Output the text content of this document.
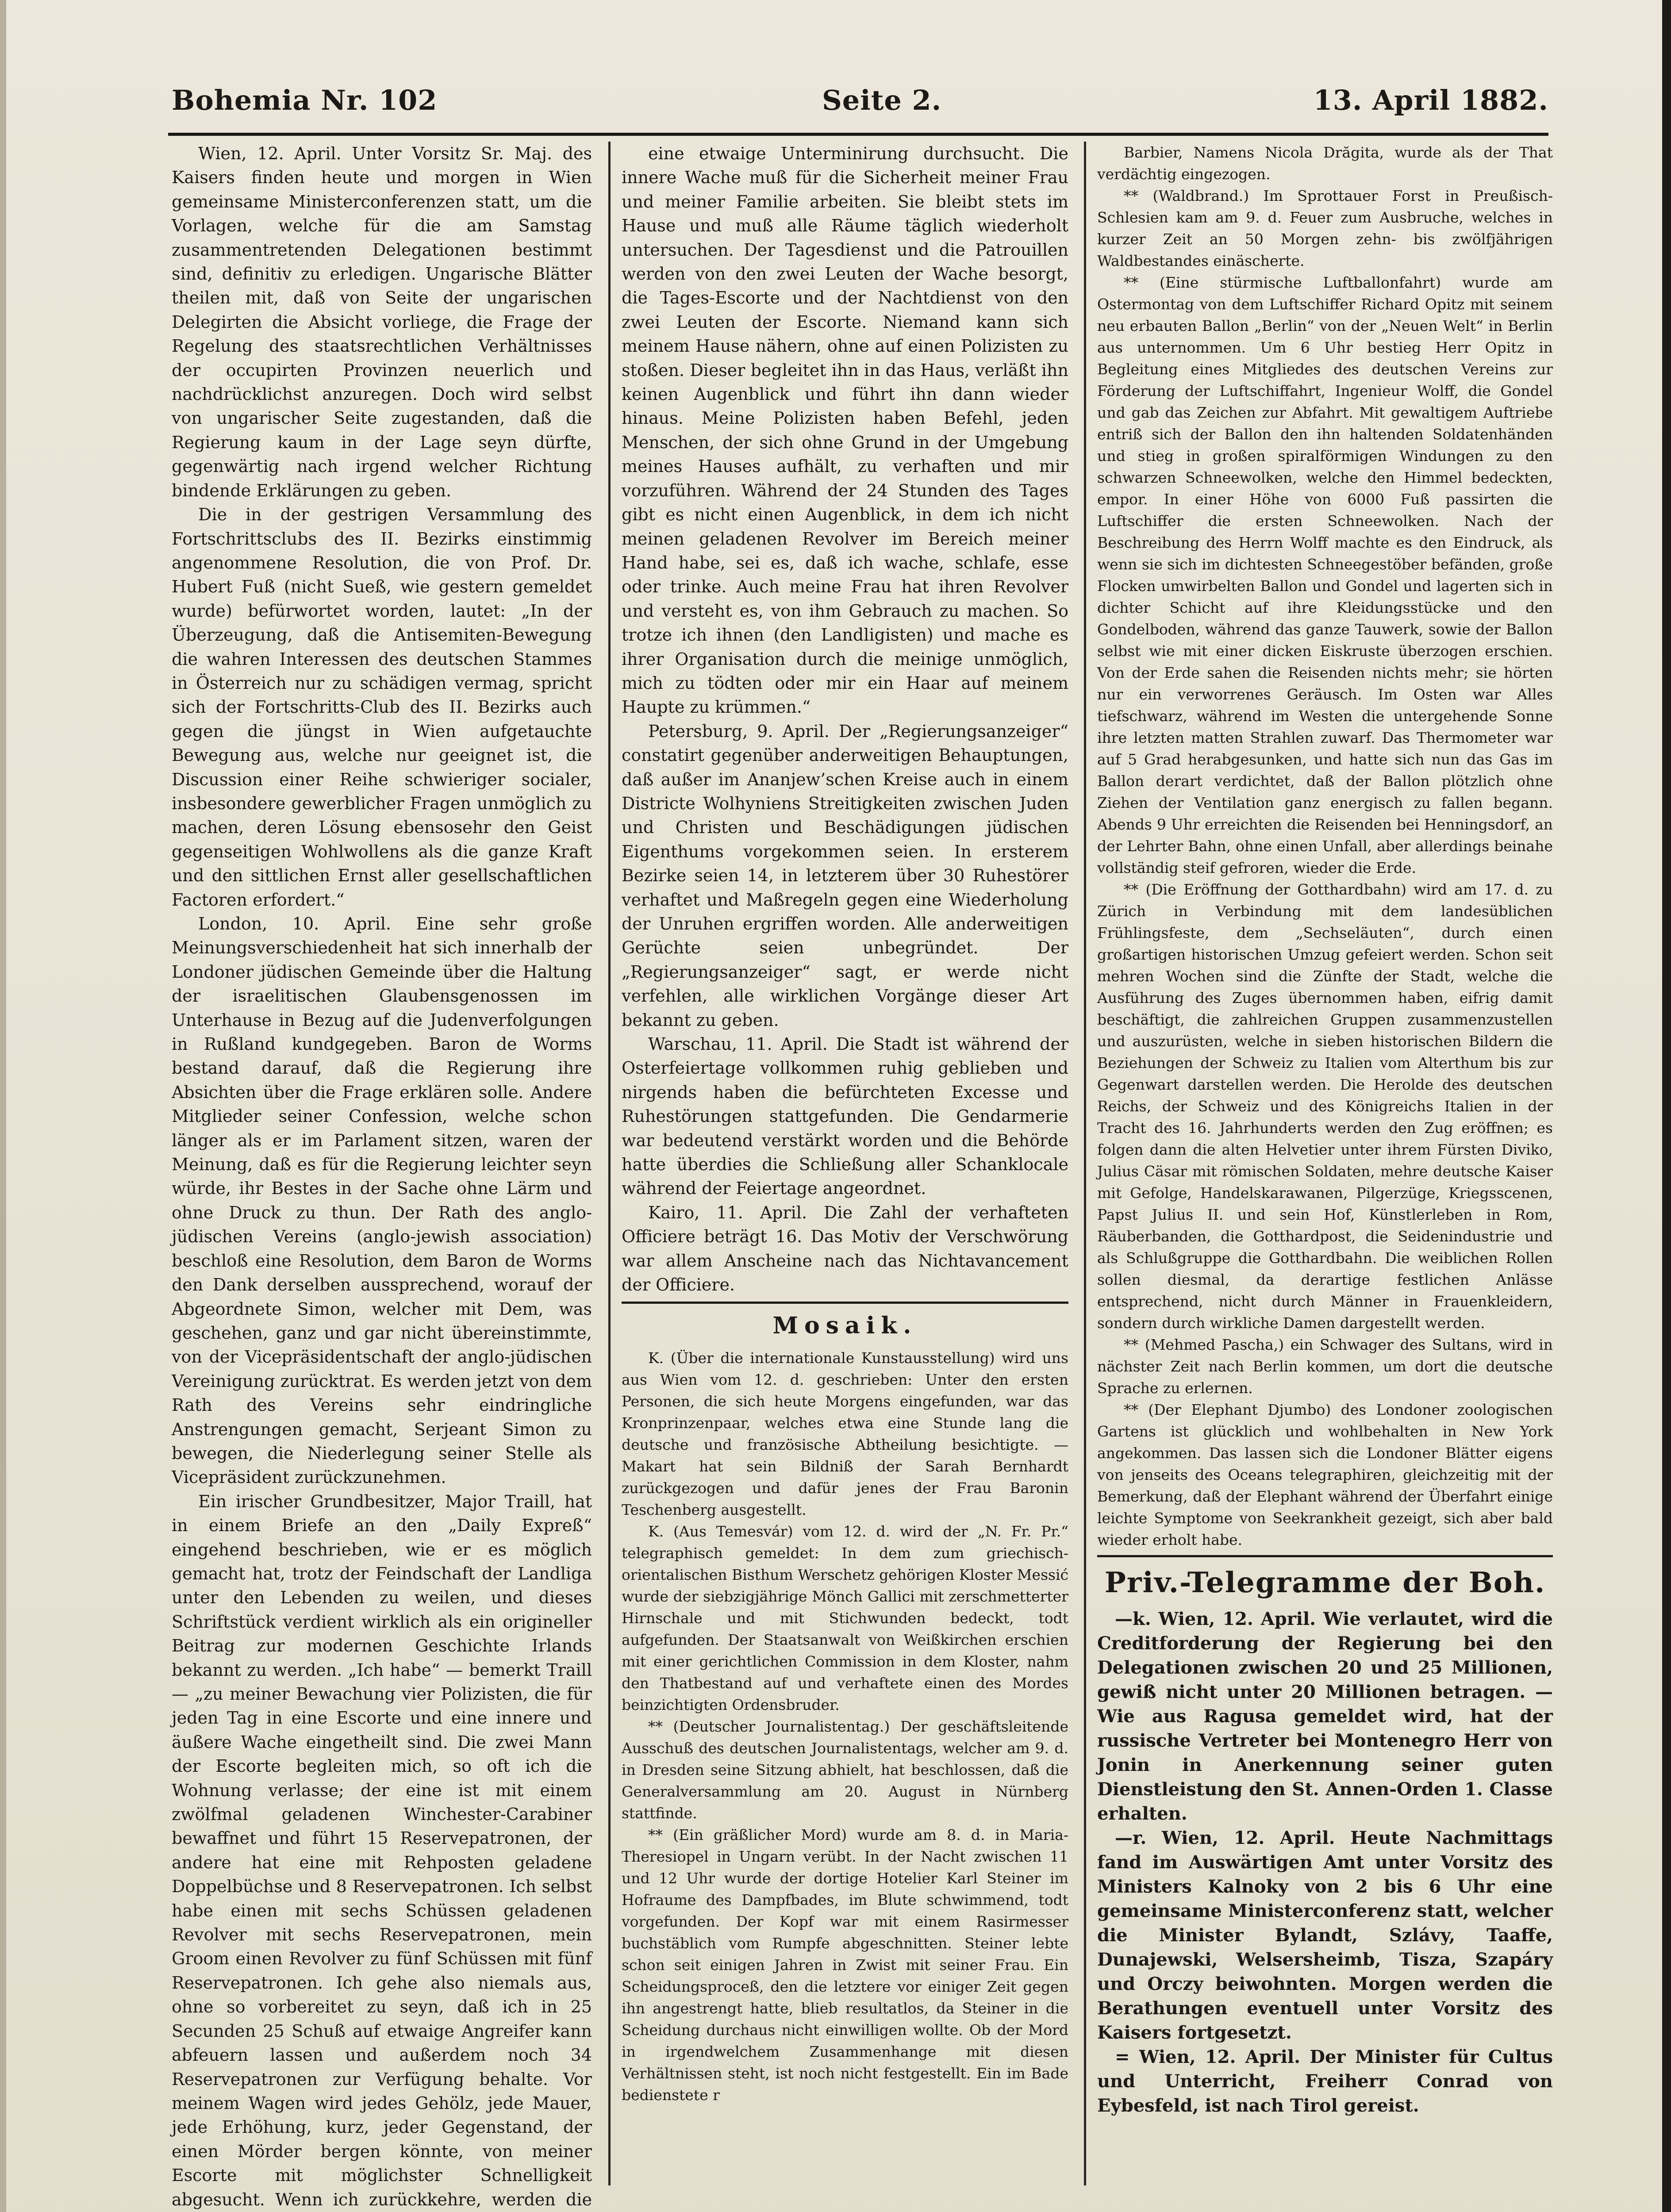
Bohemia Nr. 102	Seite 2.	13. April 1882.

Wien, 12. April. Unter Vorsitz Sr. Maj. des Kaisers finden heute und morgen in Wien gemeinsame Ministerconferenzen statt, um die Vorlagen, welche für die am Samstag zusammentretenden Delegationen bestimmt sind, definitiv zu erledigen. Ungarische Blätter theilen mit, daß von Seite der ungarischen Delegirten die Absicht vorliege, die Frage der Regelung des staatsrechtlichen Verhältnisses der occupirten Provinzen neuerlich und nachdrücklichst anzuregen. Doch wird selbst von ungarischer Seite zugestanden, daß die Regierung kaum in der Lage seyn dürfte, gegenwärtig nach irgend welcher Richtung bindende Erklärungen zu geben.

Die in der gestrigen Versammlung des Fortschrittsclubs des II. Bezirks einstimmig angenommene Resolution, die von Prof. Dr. Hubert Fuß (nicht Sueß, wie gestern gemeldet wurde) befürwortet worden, lautet: „In der Überzeugung, daß die Antisemiten-Bewegung die wahren Interessen des deutschen Stammes in Österreich nur zu schädigen vermag, spricht sich der Fortschritts-Club des II. Bezirks auch gegen die jüngst in Wien aufgetauchte Bewegung aus, welche nur geeignet ist, die Discussion einer Reihe schwieriger socialer, insbesondere gewerblicher Fragen unmöglich zu machen, deren Lösung ebensosehr den Geist gegenseitigen Wohlwollens als die ganze Kraft und den sittlichen Ernst aller gesellschaftlichen Factoren erfordert.“

London, 10. April. Eine sehr große Meinungsverschiedenheit hat sich innerhalb der Londoner jüdischen Gemeinde über die Haltung der israelitischen Glaubensgenossen im Unterhause in Bezug auf die Judenverfolgungen in Rußland kundgegeben. Baron de Worms bestand darauf, daß die Regierung ihre Absichten über die Frage erklären solle. Andere Mitglieder seiner Confession, welche schon länger als er im Parlament sitzen, waren der Meinung, daß es für die Regierung leichter seyn würde, ihr Bestes in der Sache ohne Lärm und ohne Druck zu thun. Der Rath des anglo-jüdischen Vereins (anglo-jewish association) beschloß eine Resolution, dem Baron de Worms den Dank derselben aussprechend, worauf der Abgeordnete Simon, welcher mit Dem, was geschehen, ganz und gar nicht übereinstimmte, von der Vicepräsidentschaft der anglo-jüdischen Vereinigung zurücktrat. Es werden jetzt von dem Rath des Vereins sehr eindringliche Anstrengungen gemacht, Serjeant Simon zu bewegen, die Niederlegung seiner Stelle als Vicepräsident zurückzunehmen.

Ein irischer Grundbesitzer, Major Traill, hat in einem Briefe an den „Daily Expreß“ eingehend beschrieben, wie er es möglich gemacht hat, trotz der Feindschaft der Landliga unter den Lebenden zu weilen, und dieses Schriftstück verdient wirklich als ein origineller Beitrag zur modernen Geschichte Irlands bekannt zu werden. „Ich habe“ — bemerkt Traill — „zu meiner Bewachung vier Polizisten, die für jeden Tag in eine Escorte und eine innere und äußere Wache eingetheilt sind. Die zwei Mann der Escorte begleiten mich, so oft ich die Wohnung verlasse; der eine ist mit einem zwölfmal geladenen Winchester-Carabiner bewaffnet und führt 15 Reservepatronen, der andere hat eine mit Rehposten geladene Doppelbüchse und 8 Reservepatronen. Ich selbst habe einen mit sechs Schüssen geladenen Revolver mit sechs Reservepatronen, mein Groom einen Revolver zu fünf Schüssen mit fünf Reservepatronen. Ich gehe also niemals aus, ohne so vorbereitet zu seyn, daß ich in 25 Secunden 25 Schuß auf etwaige Angreifer kann abfeuern lassen und außerdem noch 34 Reservepatronen zur Verfügung behalte. Vor meinem Wagen wird jedes Gehölz, jede Mauer, jede Erhöhung, kurz, jeder Gegenstand, der einen Mörder bergen könnte, von meiner Escorte mit möglichster Schnelligkeit abgesucht. Wenn ich zurückkehre, werden die

eine etwaige Unterminirung durchsucht. Die innere Wache muß für die Sicherheit meiner Frau und meiner Familie arbeiten. Sie bleibt stets im Hause und muß alle Räume täglich wiederholt untersuchen. Der Tagesdienst und die Patrouillen werden von den zwei Leuten der Wache besorgt, die Tages-Escorte und der Nachtdienst von den zwei Leuten der Escorte. Niemand kann sich meinem Hause nähern, ohne auf einen Polizisten zu stoßen. Dieser begleitet ihn in das Haus, verläßt ihn keinen Augenblick und führt ihn dann wieder hinaus. Meine Polizisten haben Befehl, jeden Menschen, der sich ohne Grund in der Umgebung meines Hauses aufhält, zu verhaften und mir vorzuführen. Während der 24 Stunden des Tages gibt es nicht einen Augenblick, in dem ich nicht meinen geladenen Revolver im Bereich meiner Hand habe, sei es, daß ich wache, schlafe, esse oder trinke. Auch meine Frau hat ihren Revolver und versteht es, von ihm Gebrauch zu machen. So trotze ich ihnen (den Landligisten) und mache es ihrer Organisation durch die meinige unmöglich, mich zu tödten oder mir ein Haar auf meinem Haupte zu krümmen.“

Petersburg, 9. April. Der „Regierungsanzeiger“ constatirt gegenüber anderweitigen Behauptungen, daß außer im Ananjew’schen Kreise auch in einem Districte Wolhyniens Streitigkeiten zwischen Juden und Christen und Beschädigungen jüdischen Eigenthums vorgekommen seien. In ersterem Bezirke seien 14, in letzterem über 30 Ruhestörer verhaftet und Maßregeln gegen eine Wiederholung der Unruhen ergriffen worden. Alle anderweitigen Gerüchte seien unbegründet. Der „Regierungsanzeiger“ sagt, er werde nicht verfehlen, alle wirklichen Vorgänge dieser Art bekannt zu geben.

Warschau, 11. April. Die Stadt ist während der Osterfeiertage vollkommen ruhig geblieben und nirgends haben die befürchteten Excesse und Ruhestörungen stattgefunden. Die Gendarmerie war bedeutend verstärkt worden und die Behörde hatte überdies die Schließung aller Schanklocale während der Feiertage angeordnet.

Kairo, 11. April. Die Zahl der verhafteten Officiere beträgt 16. Das Motiv der Verschwörung war allem Anscheine nach das Nichtavancement der Officiere.

Mosaik.

K. (Über die internationale Kunstausstellung) wird uns aus Wien vom 12. d. geschrieben: Unter den ersten Personen, die sich heute Morgens eingefunden, war das Kronprinzenpaar, welches etwa eine Stunde lang die deutsche und französische Abtheilung besichtigte. — Makart hat sein Bildniß der Sarah Bernhardt zurückgezogen und dafür jenes der Frau Baronin Teschenberg ausgestellt.

K. (Aus Temesvár) vom 12. d. wird der „N. Fr. Pr.“ telegraphisch gemeldet: In dem zum griechisch-orientalischen Bisthum Werschetz gehörigen Kloster Messić wurde der siebzigjährige Mönch Gallici mit zerschmetterter Hirnschale und mit Stichwunden bedeckt, todt aufgefunden. Der Staatsanwalt von Weißkirchen erschien mit einer gerichtlichen Commission in dem Kloster, nahm den Thatbestand auf und verhaftete einen des Mordes beinzichtigten Ordensbruder.

** (Deutscher Journalistentag.) Der geschäftsleitende Ausschuß des deutschen Journalistentags, welcher am 9. d. in Dresden seine Sitzung abhielt, hat beschlossen, daß die Generalversammlung am 20. August in Nürnberg stattfinde.

** (Ein gräßlicher Mord) wurde am 8. d. in Maria-Theresiopel in Ungarn verübt. In der Nacht zwischen 11 und 12 Uhr wurde der dortige Hotelier Karl Steiner im Hofraume des Dampfbades, im Blute schwimmend, todt vorgefunden. Der Kopf war mit einem Rasirmesser buchstäblich vom Rumpfe abgeschnitten. Steiner lebte schon seit einigen Jahren in Zwist mit seiner Frau. Ein Scheidungsproceß, den die letztere vor einiger Zeit gegen ihn angestrengt hatte, blieb resultatlos, da Steiner in die Scheidung durchaus nicht einwilligen wollte. Ob der Mord in irgendwelchem Zusammenhange mit diesen Verhältnissen steht, ist noch nicht festgestellt. Ein im Bade bedienstete r

Barbier, Namens Nicola Drăgita, wurde als der That verdächtig eingezogen.

** (Waldbrand.) Im Sprottauer Forst in Preußisch-Schlesien kam am 9. d. Feuer zum Ausbruche, welches in kurzer Zeit an 50 Morgen zehn- bis zwölfjährigen Waldbestandes einäscherte.

** (Eine stürmische Luftballonfahrt) wurde am Ostermontag von dem Luftschiffer Richard Opitz mit seinem neu erbauten Ballon „Berlin“ von der „Neuen Welt“ in Berlin aus unternommen. Um 6 Uhr bestieg Herr Opitz in Begleitung eines Mitgliedes des deutschen Vereins zur Förderung der Luftschiffahrt, Ingenieur Wolff, die Gondel und gab das Zeichen zur Abfahrt. Mit gewaltigem Auftriebe entriß sich der Ballon den ihn haltenden Soldatenhänden und stieg in großen spiralförmigen Windungen zu den schwarzen Schneewolken, welche den Himmel bedeckten, empor. In einer Höhe von 6000 Fuß passirten die Luftschiffer die ersten Schneewolken. Nach der Beschreibung des Herrn Wolff machte es den Eindruck, als wenn sie sich im dichtesten Schneegestöber befänden, große Flocken umwirbelten Ballon und Gondel und lagerten sich in dichter Schicht auf ihre Kleidungsstücke und den Gondelboden, während das ganze Tauwerk, sowie der Ballon selbst wie mit einer dicken Eiskruste überzogen erschien. Von der Erde sahen die Reisenden nichts mehr; sie hörten nur ein verworrenes Geräusch. Im Osten war Alles tiefschwarz, während im Westen die untergehende Sonne ihre letzten matten Strahlen zuwarf. Das Thermometer war auf 5 Grad herabgesunken, und hatte sich nun das Gas im Ballon derart verdichtet, daß der Ballon plötzlich ohne Ziehen der Ventilation ganz energisch zu fallen begann. Abends 9 Uhr erreichten die Reisenden bei Henningsdorf, an der Lehrter Bahn, ohne einen Unfall, aber allerdings beinahe vollständig steif gefroren, wieder die Erde.

** (Die Eröffnung der Gotthardbahn) wird am 17. d. zu Zürich in Verbindung mit dem landesüblichen Frühlingsfeste, dem „Sechseläuten“, durch einen großartigen historischen Umzug gefeiert werden. Schon seit mehren Wochen sind die Zünfte der Stadt, welche die Ausführung des Zuges übernommen haben, eifrig damit beschäftigt, die zahlreichen Gruppen zusammenzustellen und auszurüsten, welche in sieben historischen Bildern die Beziehungen der Schweiz zu Italien vom Alterthum bis zur Gegenwart darstellen werden. Die Herolde des deutschen Reichs, der Schweiz und des Königreichs Italien in der Tracht des 16. Jahrhunderts werden den Zug eröffnen; es folgen dann die alten Helvetier unter ihrem Fürsten Diviko, Julius Cäsar mit römischen Soldaten, mehre deutsche Kaiser mit Gefolge, Handelskarawanen, Pilgerzüge, Kriegsscenen, Papst Julius II. und sein Hof, Künstlerleben in Rom, Räuberbanden, die Gotthardpost, die Seidenindustrie und als Schlußgruppe die Gotthardbahn. Die weiblichen Rollen sollen diesmal, da derartige festlichen Anlässe entsprechend, nicht durch Männer in Frauenkleidern, sondern durch wirkliche Damen dargestellt werden.

** (Mehmed Pascha,) ein Schwager des Sultans, wird in nächster Zeit nach Berlin kommen, um dort die deutsche Sprache zu erlernen.

** (Der Elephant Djumbo) des Londoner zoologischen Gartens ist glücklich und wohlbehalten in New York angekommen. Das lassen sich die Londoner Blätter eigens von jenseits des Oceans telegraphiren, gleichzeitig mit der Bemerkung, daß der Elephant während der Überfahrt einige leichte Symptome von Seekrankheit gezeigt, sich aber bald wieder erholt habe.

Priv.-Telegramme der Boh.

—k. Wien, 12. April. Wie verlautet, wird die Creditforderung der Regierung bei den Delegationen zwischen 20 und 25 Millionen, gewiß nicht unter 20 Millionen betragen. — Wie aus Ragusa gemeldet wird, hat der russische Vertreter bei Montenegro Herr von Jonin in Anerkennung seiner guten Dienstleistung den St. Annen-Orden 1. Classe erhalten.

—r. Wien, 12. April. Heute Nachmittags fand im Auswärtigen Amt unter Vorsitz des Ministers Kalnoky von 2 bis 6 Uhr eine gemeinsame Ministerconferenz statt, welcher die Minister Bylandt, Szlávy, Taaffe, Dunajewski, Welsersheimb, Tisza, Szapáry und Orczy beiwohnten. Morgen werden die Berathungen eventuell unter Vorsitz des Kaisers fortgesetzt.

= Wien, 12. April. Der Minister für Cultus und Unterricht, Freiherr Conrad von Eybesfeld, ist nach Tirol gereist.
